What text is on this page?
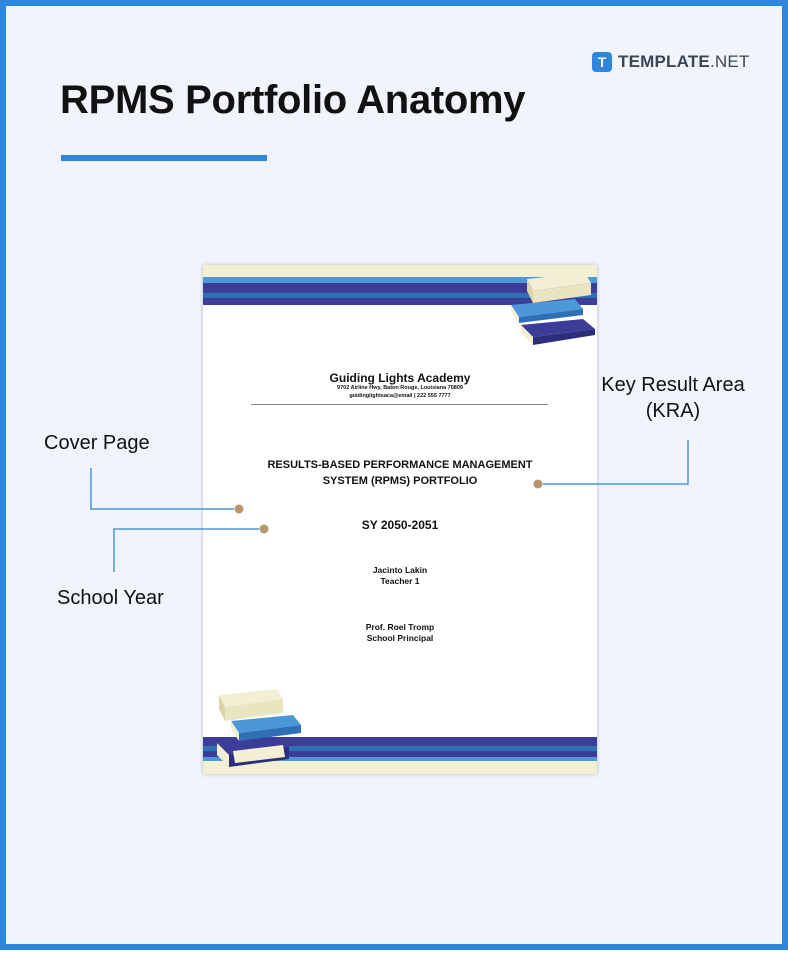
T TEMPLATE.NET
RPMS Portfolio Anatomy
Guiding Lights Academy
9702 Airline Hwy, Baton Rouge, Louisiana 70809
guidinglightsaca@email | 222 555 7777
RESULTS-BASED PERFORMANCE MANAGEMENT
SYSTEM (RPMS) PORTFOLIO
SY 2050-2051
Jacinto Lakin
Teacher 1
Prof. Roel Tromp
School Principal

Cover Page

School Year

Key Result Area
(KRA)
